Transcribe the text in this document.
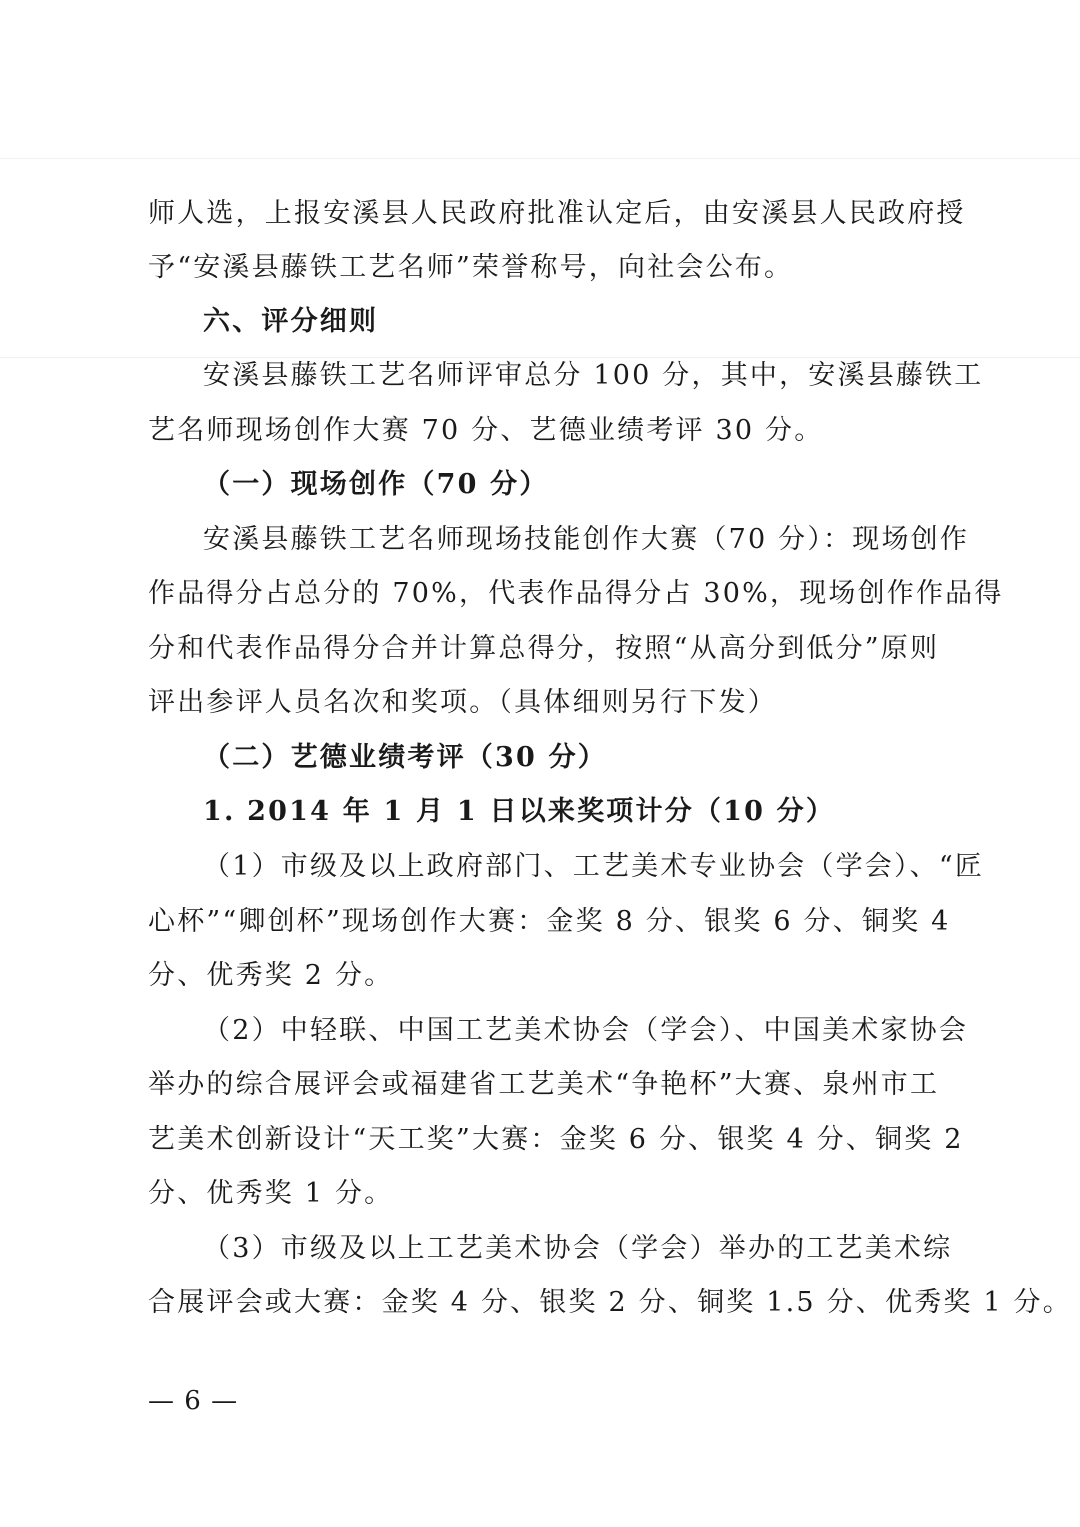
师人选，上报安溪县人民政府批准认定后，由安溪县人民政府授
予“安溪县藤铁工艺名师”荣誉称号，向社会公布。
六、评分细则
安溪县藤铁工艺名师评审总分 100 分，其中，安溪县藤铁工
艺名师现场创作大赛 70 分、艺德业绩考评 30 分。
（一）现场创作（70 分）
安溪县藤铁工艺名师现场技能创作大赛（70 分）：现场创作
作品得分占总分的 70%，代表作品得分占 30%，现场创作作品得
分和代表作品得分合并计算总得分，按照“从高分到低分”原则
评出参评人员名次和奖项。（具体细则另行下发）
（二）艺德业绩考评（30 分）
1. 2014 年 1 月 1 日以来奖项计分（10 分）
（1）市级及以上政府部门、工艺美术专业协会（学会）、“匠
心杯”“卿创杯”现场创作大赛：金奖 8 分、银奖 6 分、铜奖 4
分、优秀奖 2 分。
（2）中轻联、中国工艺美术协会（学会）、中国美术家协会
举办的综合展评会或福建省工艺美术“争艳杯”大赛、泉州市工
艺美术创新设计“天工奖”大赛：金奖 6 分、银奖 4 分、铜奖 2
分、优秀奖 1 分。
（3）市级及以上工艺美术协会（学会）举办的工艺美术综
合展评会或大赛：金奖 4 分、银奖 2 分、铜奖 1.5 分、优秀奖 1 分。
— 6 —
